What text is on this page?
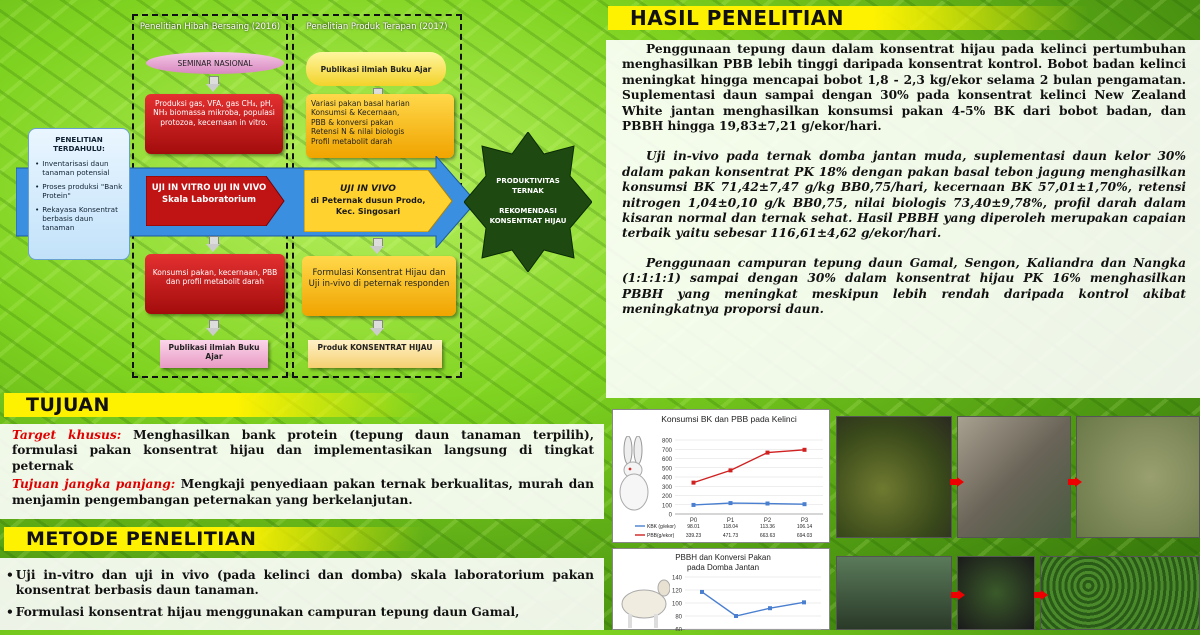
Penelitian Hibah Bersaing (2016)	Penelitian Produk Terapan (2017)
SEMINAR NASIONAL
Publikasi ilmiah Buku Ajar
Produksi gas, VFA, gas CH₄, pH, NH₃ biomassa mikroba, populasi protozoa, kecernaan in vitro.
Variasi pakan basal harian
Konsumsi & Kecernaan,
PBB & konversi pakan
Retensi N & nilai biologis
Profil metabolit darah
PENELITIAN TERDAHULU:
• Inventarisasi daun tanaman potensial
• Proses produksi "Bank Protein"
• Rekayasa Konsentrat berbasis daun tanaman
UJI IN VITRO UJI IN VIVO Skala Laboratorium
UJI IN VIVO
di Peternak dusun Prodo, Kec. Singosari
PRODUKTIVITAS TERNAK

REKOMENDASI KONSENTRAT HIJAU
Konsumsi pakan, kecernaan, PBB dan profil metabolit darah
Formulasi Konsentrat Hijau dan Uji in-vivo di peternak responden
Publikasi ilmiah Buku Ajar
Produk KONSENTRAT HIJAU
TUJUAN

Target khusus: Menghasilkan bank protein (tepung daun tanaman terpilih), formulasi pakan konsentrat hijau dan implementasikan langsung di tingkat peternak

Tujuan jangka panjang: Mengkaji penyediaan pakan ternak berkualitas, murah dan menjamin pengembangan peternakan yang berkelanjutan.

METODE PENELITIAN
• Uji in-vitro dan uji in vivo (pada kelinci dan domba) skala laboratorium pakan konsentrat berbasis daun tanaman.
• Formulasi konsentrat hijau menggunakan campuran tepung daun Gamal,
HASIL PENELITIAN

Penggunaan tepung daun dalam konsentrat hijau pada kelinci pertumbuhan menghasilkan PBB lebih tinggi daripada konsentrat kontrol. Bobot badan kelinci meningkat hingga mencapai bobot 1,8 - 2,3 kg/ekor selama 2 bulan pengamatan. Suplementasi daun sampai dengan 30% pada konsentrat kelinci New Zealand White jantan menghasilkan konsumsi pakan 4-5% BK dari bobot badan, dan PBBH hingga 19,83±7,21 g/ekor/hari.

Uji in-vivo pada ternak domba jantan muda, suplementasi daun kelor 30% dalam pakan konsentrat PK 18% dengan pakan basal tebon jagung menghasilkan konsumsi BK 71,42±7,47 g/kg BB0,75/hari, kecernaan BK 57,01±1,70%, retensi nitrogen 1,04±0,10 g/k BB0,75, nilai biologis 73,40±9,78%, profil darah dalam kisaran normal dan ternak sehat. Hasil PBBH yang diperoleh merupakan capaian terbaik yaitu sebesar 116,61±4,62 g/ekor/hari.

Penggunaan campuran tepung daun Gamal, Sengon, Kaliandra dan Nangka (1:1:1:1) sampai dengan 30% dalam konsentrat hijau PK 16% menghasilkan PBBH yang meningkat meskipun lebih rendah daripada kontrol akibat meningkatnya proporsi daun.

Konsumsi BK dan PBB pada Kelinci
800
700
600
500
400
300
200
100
0
P0	P1	P2	P3
KBK (g/ekor) 98.01	118.04	113.36	106.14
PBB(g/ekor) 339.23	471.73	663.63	694.03
PBBH dan Konversi Pakan
pada Domba Jantan
140
120
100
80
60
